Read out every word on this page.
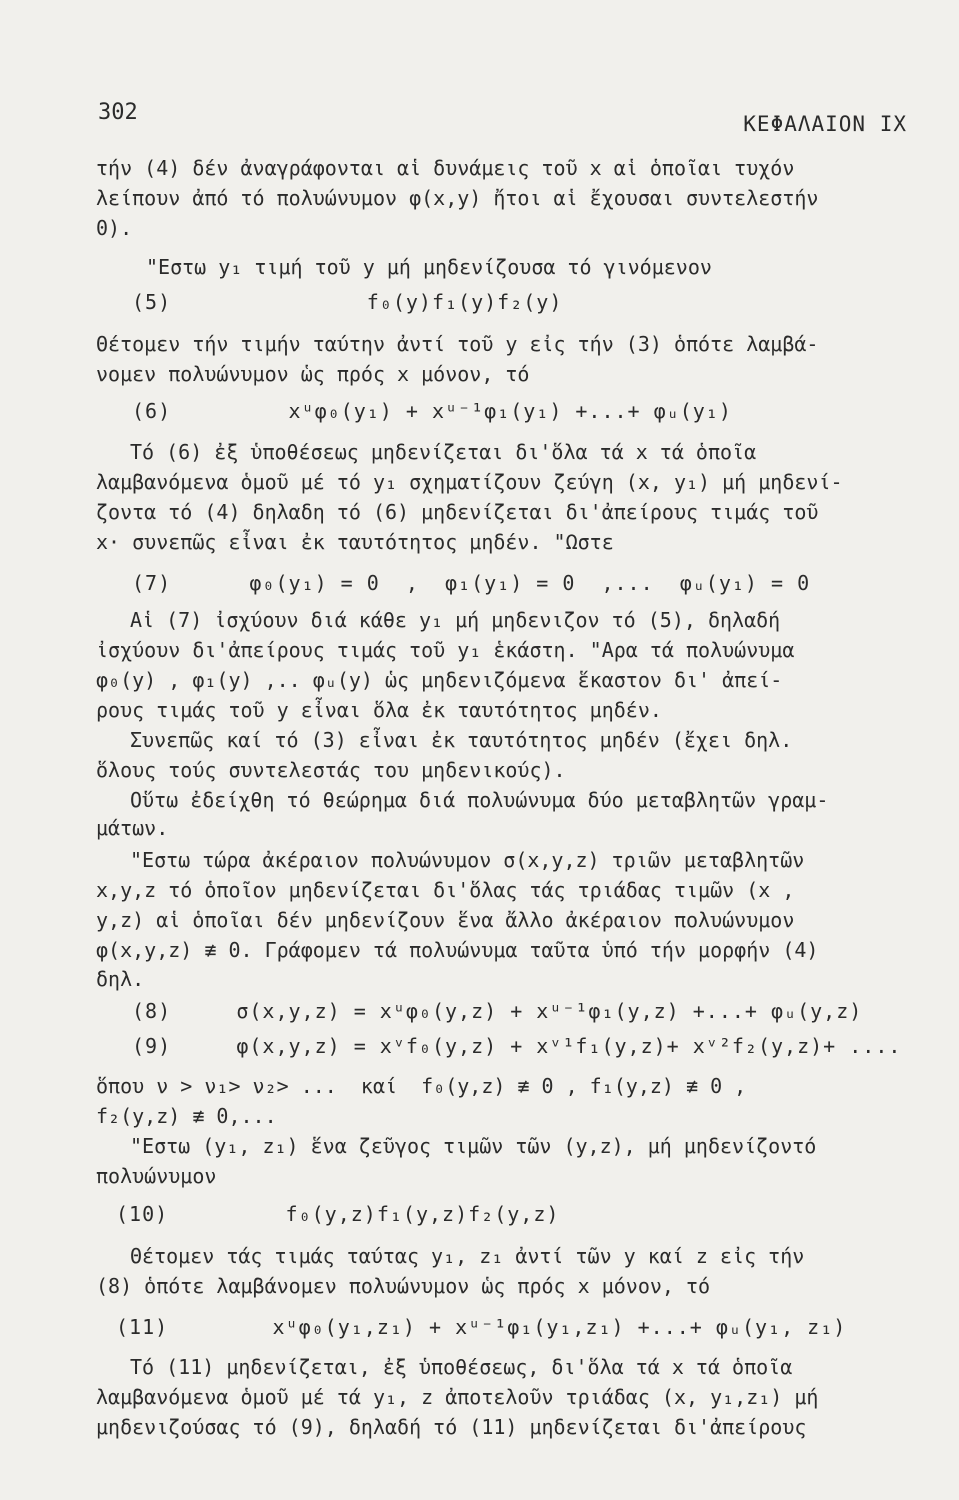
302	ΚΕΦΑΛΑΙΟΝ ΙΧ
τήν (4) δέν ἀναγράφονται αἱ δυνάμεις τοῦ x αἱ ὁποῖαι τυχόν
λείπουν ἀπό τό πολυώνυμον φ(x,y) ἤτοι αἱ ἔχουσαι συντελεστήν
0).
"Εστω y₁ τιμή τοῦ y μή μηδενίζουσα τό γινόμενον
(5)               f₀(y)f₁(y)f₂(y)
Θέτομεν τήν τιμήν ταύτην ἀντί τοῦ y εἰς τήν (3) ὁπότε λαμβά-
νομεν πολυώνυμον ὡς πρός x μόνον, τό
(6)         xᵘφ₀(y₁) + xᵘ⁻¹φ₁(y₁) +...+ φᵤ(y₁)
Τό (6) ἐξ ὑποθέσεως μηδενίζεται δι'ὅλα τά x τά ὁποῖα
λαμβανόμενα ὁμοῦ μέ τό y₁ σχηματίζουν ζεύγη (x, y₁) μή μηδενί-
ζοντα τό (4) δηλαδη τό (6) μηδενίζεται δι'ἀπείρους τιμάς τοῦ
x· συνεπῶς εἶναι ἐκ ταυτότητος μηδέν. "Ωστε
(7)      φ₀(y₁) = 0  ,  φ₁(y₁) = 0  ,...  φᵤ(y₁) = 0
Αἱ (7) ἰσχύουν διά κάθε y₁ μή μηδενιζον τό (5), δηλαδή
ἰσχύουν δι'ἀπείρους τιμάς τοῦ y₁ ἑκάστη. "Αρα τά πολυώνυμα
φ₀(y) , φ₁(y) ,.. φᵤ(y) ὡς μηδενιζόμενα ἕκαστον δι' ἀπεί-
ρους τιμάς τοῦ y εἶναι ὅλα ἐκ ταυτότητος μηδέν.
Συνεπῶς καί τό (3) εἶναι ἐκ ταυτότητος μηδέν (ἔχει δηλ.
ὅλους τούς συντελεστάς του μηδενικούς).
Οὕτω ἐδείχθη τό θεώρημα διά πολυώνυμα δύο μεταβλητῶν γραμ-
μάτων.
"Εστω τώρα ἀκέραιον πολυώνυμον σ(x,y,z) τριῶν μεταβλητῶν
x,y,z τό ὁποῖον μηδενίζεται δι'ὅλας τάς τριάδας τιμῶν (x ,
y,z) αἱ ὁποῖαι δέν μηδενίζουν ἕνα ἄλλο ἀκέραιον πολυώνυμον
φ(x,y,z) ≢ 0. Γράφομεν τά πολυώνυμα ταῦτα ὑπό τήν μορφήν (4)
δηλ.
(8)     σ(x,y,z) = xᵘφ₀(y,z) + xᵘ⁻¹φ₁(y,z) +...+ φᵤ(y,z)
(9)     φ(x,y,z) = xᵛf₀(y,z) + xᵛ¹f₁(y,z)+ xᵛ²f₂(y,z)+ ....
ὅπου ν > ν₁> ν₂> ...  καί  f₀(y,z) ≢ 0 , f₁(y,z) ≢ 0 ,
f₂(y,z) ≢ 0,...
"Εστω (y₁, z₁) ἕνα ζεῦγος τιμῶν τῶν (y,z), μή μηδενίζοντό
πολυώνυμον
(10)         f₀(y,z)f₁(y,z)f₂(y,z)
Θέτομεν τάς τιμάς ταύτας y₁, z₁ ἀντί τῶν y καί z εἰς τήν
(8) ὁπότε λαμβάνομεν πολυώνυμον ὡς πρός x μόνον, τό
(11)        xᵘφ₀(y₁,z₁) + xᵘ⁻¹φ₁(y₁,z₁) +...+ φᵤ(y₁, z₁)
Τό (11) μηδενίζεται, ἐξ ὑποθέσεως, δι'ὅλα τά x τά ὁποῖα
λαμβανόμενα ὁμοῦ μέ τά y₁, z ἀποτελοῦν τριάδας (x, y₁,z₁) μή
μηδενιζούσας τό (9), δηλαδή τό (11) μηδενίζεται δι'ἀπείρους
